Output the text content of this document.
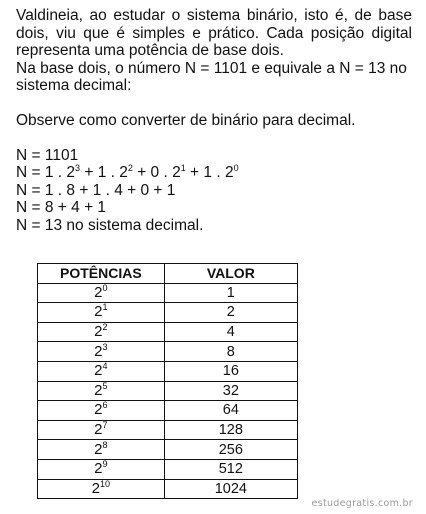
Valdineia, ao estudar o sistema binário, isto é, de base dois, viu que é simples e prático. Cada posição digital representa uma potência de base dois.

Na base dois, o número N = 1101 e equivale a N = 13 no sistema decimal:

Observe como converter de binário para decimal.

N = 1101
N = 1 . $2^3 + 1$ . $2^2 + 0$ . $2^1 + 1$ . $2^0$
N = 1 . 8 + 1 . 4 + 0 + 1
N = 8 + 4 + 1
N = 13 no sistema decimal.
POTÊNCIAS	VALOR
$2^0$	1
$2^1$	2
$2^2$	4
$2^3$	8
$2^4$	16
$2^5$	32
$2^6$	64
$2^7$	128
$2^8$	256
$2^9$	512
$2^{10}$	1024
estudegratis.com.br
